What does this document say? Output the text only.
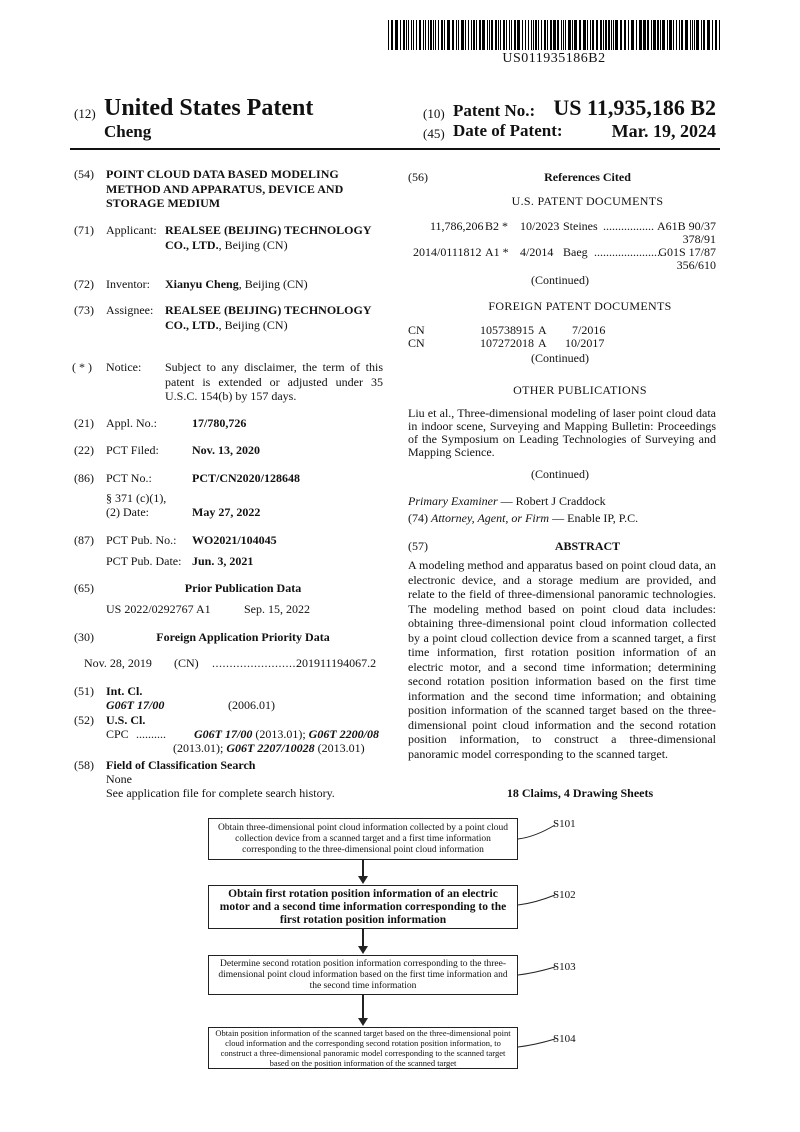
US011935186B2
(12) United States Patent
Cheng
(10) Patent No.: US 11,935,186 B2
(45) Date of Patent:	Mar. 19, 2024
(54) POINT CLOUD DATA BASED MODELING METHOD AND APPARATUS, DEVICE AND STORAGE MEDIUM
(71) Applicant: REALSEE (BEIJING) TECHNOLOGY CO., LTD., Beijing (CN)
(72) Inventor: Xianyu Cheng, Beijing (CN)
(73) Assignee: REALSEE (BEIJING) TECHNOLOGY CO., LTD., Beijing (CN)
( * ) Notice: Subject to any disclaimer, the term of this patent is extended or adjusted under 35 U.S.C. 154(b) by 157 days.
(21) Appl. No.:	17/780,726
(22) PCT Filed:	Nov. 13, 2020
(86) PCT No.:	PCT/CN2020/128648
§ 371 (c)(1),
(2) Date:	May 27, 2022
(87) PCT Pub. No.: WO2021/104045
PCT Pub. Date: Jun. 3, 2021
(65)	Prior Publication Data
US 2022/0292767 A1	Sep. 15, 2022
(30)	Foreign Application Priority Data
Nov. 28, 2019 (CN) .........................
201911194067.2
(51) Int. Cl.
G06T 17/00	(2006.01)
(52) U.S. Cl.
CPC .......... G06T 17/00 (2013.01); G06T 2200/08
(2013.01); G06T 2207/10028 (2013.01)
(58) Field of Classification Search
None
See application file for complete search history.
(56)	References Cited
U.S. PATENT DOCUMENTS
11,786,206 B2 * 10/2023 Steines ................. A61B 90/37
378/91
2014/0111812 A1 * 4/2014 Baeg .......................
G01S 17/87
356/610
(Continued)
FOREIGN PATENT DOCUMENTS
CN	105738915 A 7/2016
CN	107272018 A 10/2017
(Continued)
OTHER PUBLICATIONS
Liu et al., Three-dimensional modeling of laser point cloud data in indoor scene, Surveying and Mapping Bulletin: Proceedings of the Symposium on Leading Technologies of Surveying and Mapping Science.
(Continued)
Primary Examiner — Robert J Craddock
(74) Attorney, Agent, or Firm — Enable IP, P.C.
(57)	ABSTRACT
A modeling method and apparatus based on point cloud data, an electronic device, and a storage medium are provided, and relate to the field of three-dimensional panoramic technologies. The modeling method based on point cloud data includes: obtaining three-dimensional point cloud information collected by a point cloud collection device from a scanned target, a first time information, first rotation position information of an electric motor, and a second time information; determining second rotation position information based on the first time information and the second time information; and obtaining position information of the scanned target based on the three-dimensional point cloud information and the second rotation position information, to construct a three-dimensional panoramic model corresponding to the scanned target.
18 Claims, 4 Drawing Sheets
Obtain three-dimensional point cloud information collected by a point cloud collection device from a scanned target and a first time information corresponding to the three-dimensional point cloud information
Obtain first rotation position information of an electric motor and a second time information corresponding to the first rotation position information
Determine second rotation position information corresponding to the three-dimensional point cloud information based on the first time information and the second time information
Obtain position information of the scanned target based on the three-dimensional point cloud information and the corresponding second rotation position information, to construct a three-dimensional panoramic model corresponding to the scanned target based on the position information of the scanned target
S101
S102
S103
S104
